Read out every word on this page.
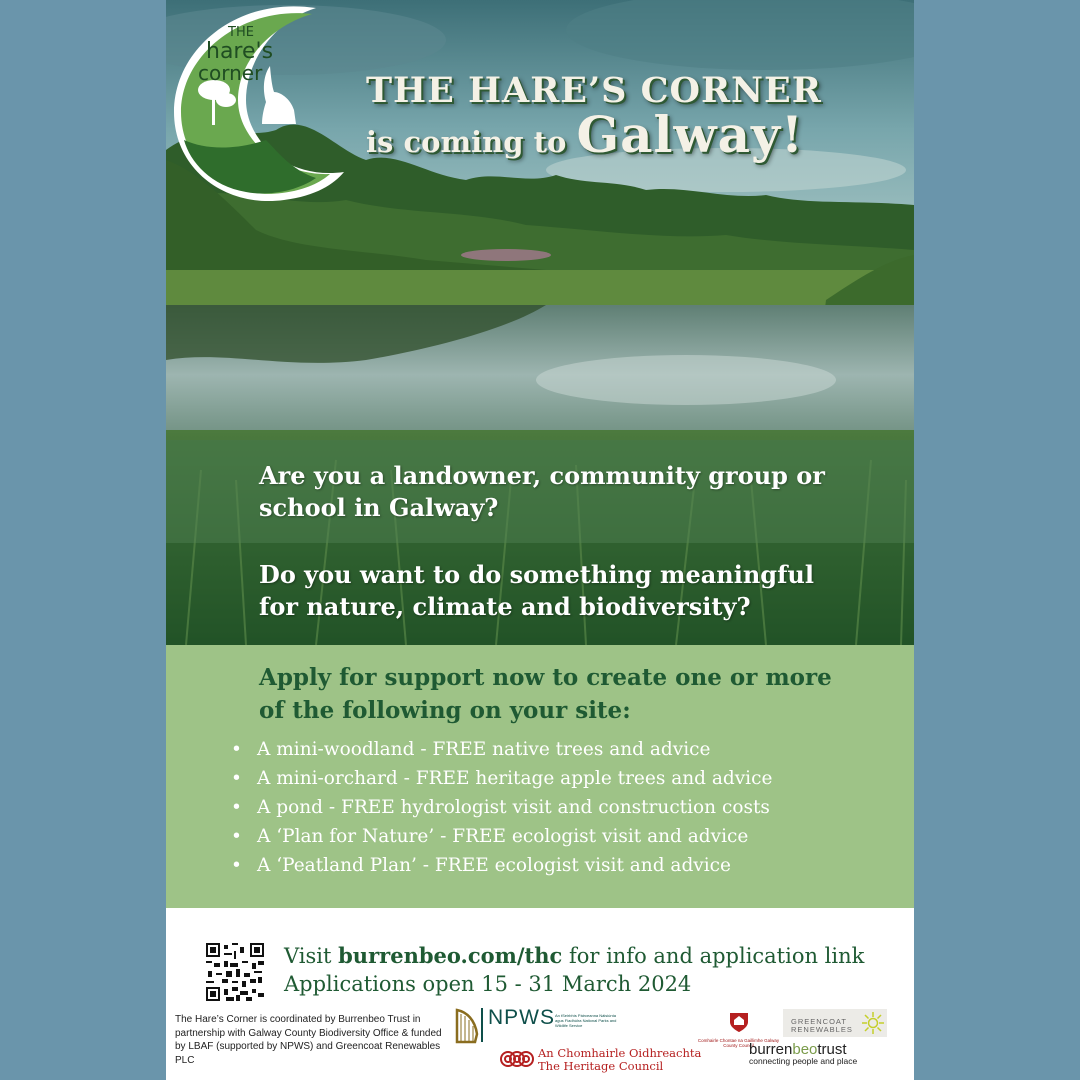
THE
hare's
corner	THE HARE’S CORNER
is coming to Galway!
Are you a landowner, community group or school in Galway?
Do you want to do something meaningful for nature, climate and biodiversity?
Apply for support now to create one or more of the following on your site:
• A mini-woodland - FREE native trees and advice
• A mini-orchard - FREE heritage apple trees and advice
• A pond - FREE hydrologist visit and construction costs
• A ‘Plan for Nature’ - FREE ecologist visit and advice
• A ‘Peatland Plan’ - FREE ecologist visit and advice
Visit burrenbeo.com/thc for info and application link
Applications open 15 - 31 March 2024
The Hare’s Corner is coordinated by Burrenbeo Trust in partnership with Galway County Biodiversity Office & funded by LBAF (supported by NPWS) and Greencoat Renewables PLC
NPWS An tSeirbhís Páirceanna Náisiúnta agus Fiadhúlra National Parks and Wildlife Service
Comhairle Chontae na Gaillimhe Galway County Council
An Chomhairle Oidhreachta
The Heritage Council
GREENCOAT RENEWABLES
burrenbeotrust
connecting people and place
